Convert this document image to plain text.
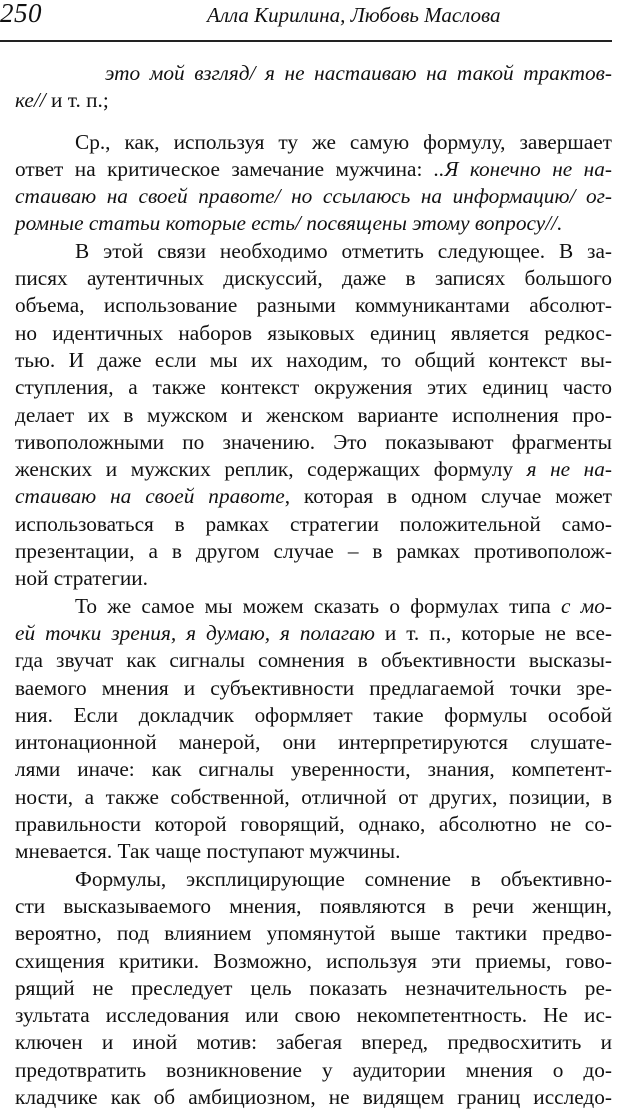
250	Алла Кирилина, Любовь Маслова
это мой взгляд/ я не настаиваю на такой трактов-
ке// и т. п.;
Ср., как, используя ту же самую формулу, завершает
ответ на критическое замечание мужчина: ..Я конечно не на-
стаиваю на своей правоте/ но ссылаюсь на информацию/ ог-
ромные статьи которые есть/ посвящены этому вопросу//.
В этой связи необходимо отметить следующее. В за-
писях аутентичных дискуссий, даже в записях большого
объема, использование разными коммуникантами абсолют-
но идентичных наборов языковых единиц является редкос-
тью. И даже если мы их находим, то общий контекст вы-
ступления, а также контекст окружения этих единиц часто
делает их в мужском и женском варианте исполнения про-
тивоположными по значению. Это показывают фрагменты
женских и мужских реплик, содержащих формулу я не на-
стаиваю на своей правоте, которая в одном случае может
использоваться в рамках стратегии положительной само-
презентации, а в другом случае – в рамках противополож-
ной стратегии.
То же самое мы можем сказать о формулах типа с мо-
ей точки зрения, я думаю, я полагаю и т. п., которые не все-
гда звучат как сигналы сомнения в объективности высказы-
ваемого мнения и субъективности предлагаемой точки зре-
ния. Если докладчик оформляет такие формулы особой
интонационной манерой, они интерпретируются слушате-
лями иначе: как сигналы уверенности, знания, компетент-
ности, а также собственной, отличной от других, позиции, в
правильности которой говорящий, однако, абсолютно не со-
мневается. Так чаще поступают мужчины.
Формулы, эксплицирующие сомнение в объективно-
сти высказываемого мнения, появляются в речи женщин,
вероятно, под влиянием упомянутой выше тактики предво-
схищения критики. Возможно, используя эти приемы, гово-
рящий не преследует цель показать незначительность ре-
зультата исследования или свою некомпетентность. Не ис-
ключен и иной мотив: забегая вперед, предвосхитить и
предотвратить возникновение у аудитории мнения о до-
кладчике как об амбициозном, не видящем границ исследо-
